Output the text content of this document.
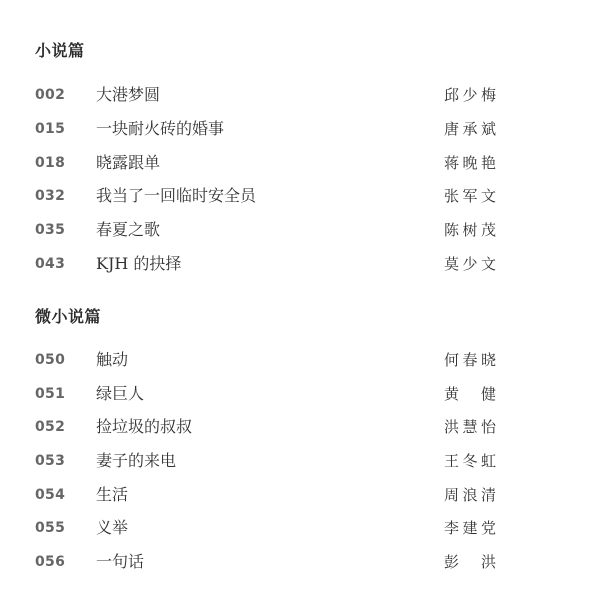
小说篇
002 大港梦圆	邱少梅
015 一块耐火砖的婚事	唐承斌
018 晓露跟单	蒋晚艳
032 我当了一回临时安全员	张军文
035 春夏之歌	陈树茂
043 KJH 的抉择	莫少文
微小说篇
050 触动	何春晓
051 绿巨人	黄 健
052 捡垃圾的叔叔	洪慧怡
053 妻子的来电	王冬虹
054 生活	周浪清
055 义举	李建党
056 一句话	彭 洪
